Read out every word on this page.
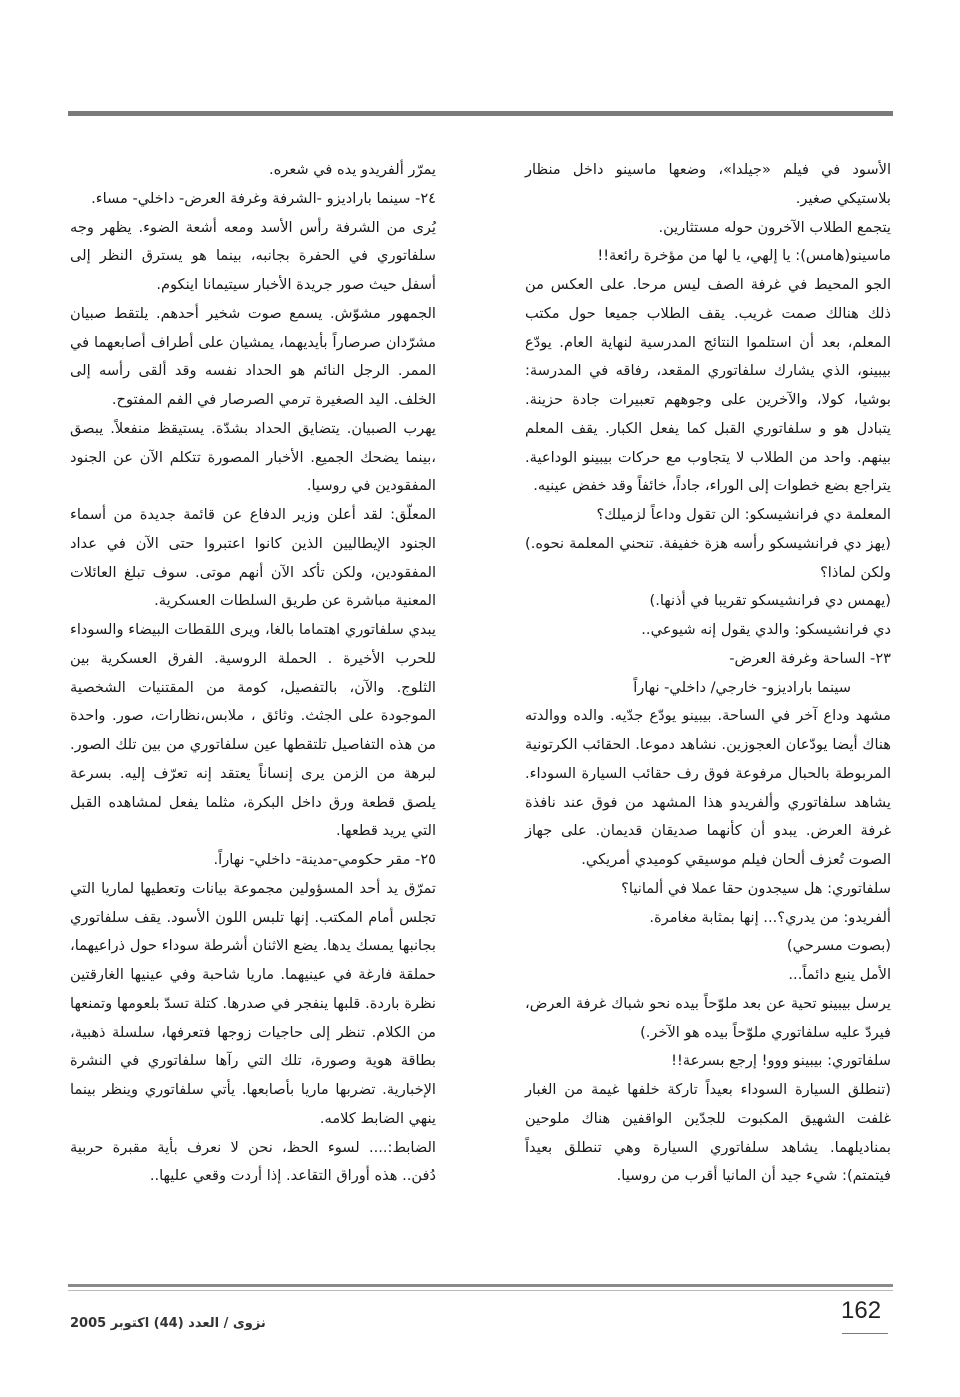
الأسود في فيلم «جيلدا»، وضعها ماسينو داخل منظار بلاستيكي صغير.

يتجمع الطلاب الآخرون حوله مستثارين.

ماسينو(هامس): يا إلهي، يا لها من مؤخرة رائعة!!

الجو المحيط في غرفة الصف ليس مرحا. على العكس من ذلك هنالك صمت غريب. يقف الطلاب جميعا حول مكتب المعلم، بعد أن استلموا النتائج المدرسية لنهاية العام. يودّع بيبينو، الذي يشارك سلفاتوري المقعد، رفاقه في المدرسة: بوشيا، كولا، والآخرين على وجوههم تعبيرات جادة حزينة. يتبادل هو و سلفاتوري القبل كما يفعل الكبار. يقف المعلم بينهم. واحد من الطلاب لا يتجاوب مع حركات بيبينو الوداعية. يتراجع بضع خطوات إلى الوراء، جاداً، خائفاً وقد خفض عينيه.

المعلمة دي فرانشيسكو: الن تقول وداعاً لزميلك؟

(يهز دي فرانشيسكو رأسه هزة خفيفة. تنحني المعلمة نحوه.) ولكن لماذا؟

(يهمس دي فرانشيسكو تقريبا في أذنها.)

دي فرانشيسكو: والدي يقول إنه شيوعي..

٢٣- الساحة وغرفة العرض-

سينما باراديزو- خارجي/ داخلي- نهاراً

مشهد وداع آخر في الساحة. بيبينو يودّع جدّيه. والده ووالدته هناك أيضا يودّعان العجوزين. نشاهد دموعا. الحقائب الكرتونية المربوطة بالحبال مرفوعة فوق رف حقائب السيارة السوداء. يشاهد سلفاتوري وألفريدو هذا المشهد من فوق عند نافذة غرفة العرض. يبدو أن كأنهما صديقان قديمان. على جهاز الصوت تُعزف ألحان فيلم موسيقي كوميدي أمريكي.

سلفاتوري: هل سيجدون حقا عملا في ألمانيا؟

ألفريدو: من يدري؟... إنها بمثابة مغامرة.

(بصوت مسرحي)

الأمل ينبع دائماً...

يرسل بيبينو تحية عن بعد ملوّحاً بيده نحو شباك غرفة العرض، فيردّ عليه سلفاتوري ملوّحاً بيده هو الآخر.)

سلفاتوري: بيبينو ووو! إرجع بسرعة!!

(تنطلق السيارة السوداء بعيداً تاركة خلفها غيمة من الغبار غلفت الشهيق المكبوت للجدّين الواقفين هناك ملوحين بمناديلهما. يشاهد سلفاتوري السيارة وهي تنطلق بعيداً فيتمتم): شيء جيد أن المانيا أقرب من روسيا.

يمرّر ألفريدو يده في شعره.

٢٤- سينما باراديزو -الشرفة وغرفة العرض- داخلي- مساء.

يُرى من الشرفة رأس الأسد ومعه أشعة الضوء. يظهر وجه سلفاتوري في الحفرة بجانبه، بينما هو يسترق النظر إلى أسفل حيث صور جريدة الأخبار سيتيمانا اينكوم.

الجمهور مشوّش. يسمع صوت شخير أحدهم. يلتقط صبيان مشرّدان صرصاراً بأيديهما، يمشيان على أطراف أصابعهما في الممر. الرجل النائم هو الحداد نفسه وقد ألقى رأسه إلى الخلف. اليد الصغيرة ترمي الصرصار في الفم المفتوح.

يهرب الصبيان. يتضايق الحداد بشدّة. يستيقظ منفعلاً. يبصق ،بينما يضحك الجميع. الأخبار المصورة تتكلم الآن عن الجنود المفقودين في روسيا.

المعلّق: لقد أعلن وزير الدفاع عن قائمة جديدة من أسماء الجنود الإيطاليين الذين كانوا اعتبروا حتى الآن في عداد المفقودين، ولكن تأكد الآن أنهم موتى. سوف تبلغ العائلات المعنية مباشرة عن طريق السلطات العسكرية.

يبدي سلفاتوري اهتماما بالغا، ويرى اللقطات البيضاء والسوداء للحرب الأخيرة . الحملة الروسية. الفرق العسكرية بين الثلوج. والآن، بالتفصيل، كومة من المقتنيات الشخصية الموجودة على الجثث. وثائق ، ملابس،نظارات، صور. واحدة من هذه التفاصيل تلتقطها عين سلفاتوري من بين تلك الصور. لبرهة من الزمن يرى إنساناً يعتقد إنه تعرّف إليه. بسرعة يلصق قطعة ورق داخل البكرة، مثلما يفعل لمشاهده القبل التي يريد قطعها.

٢٥- مقر حكومي-مدينة- داخلي- نهاراً.

تمرّق يد أحد المسؤولين مجموعة بيانات وتعطيها لماريا التي تجلس أمام المكتب. إنها تلبس اللون الأسود. يقف سلفاتوري بجانبها يمسك يدها. يضع الاثنان أشرطة سوداء حول ذراعيهما، حملقة فارغة في عينيهما. ماريا شاحبة وفي عينيها الغارقتين نظرة باردة. قلبها ينفجر في صدرها. كتلة تسدّ بلعومها وتمنعها من الكلام. تنظر إلى حاجيات زوجها فتعرفها، سلسلة ذهبية، بطاقة هوية وصورة، تلك التي رآها سلفاتوري في النشرة الإخبارية. تضربها ماريا بأصابعها. يأتي سلفاتوري وينظر بينما ينهي الضابط كلامه.

الضابط:.... لسوء الحظ، نحن لا نعرف بأية مقبرة حربية دُفن.. هذه أوراق التقاعد. إذا أردت وقعي عليها..

162
نزوى / العدد (44) اكتوبر 2005
